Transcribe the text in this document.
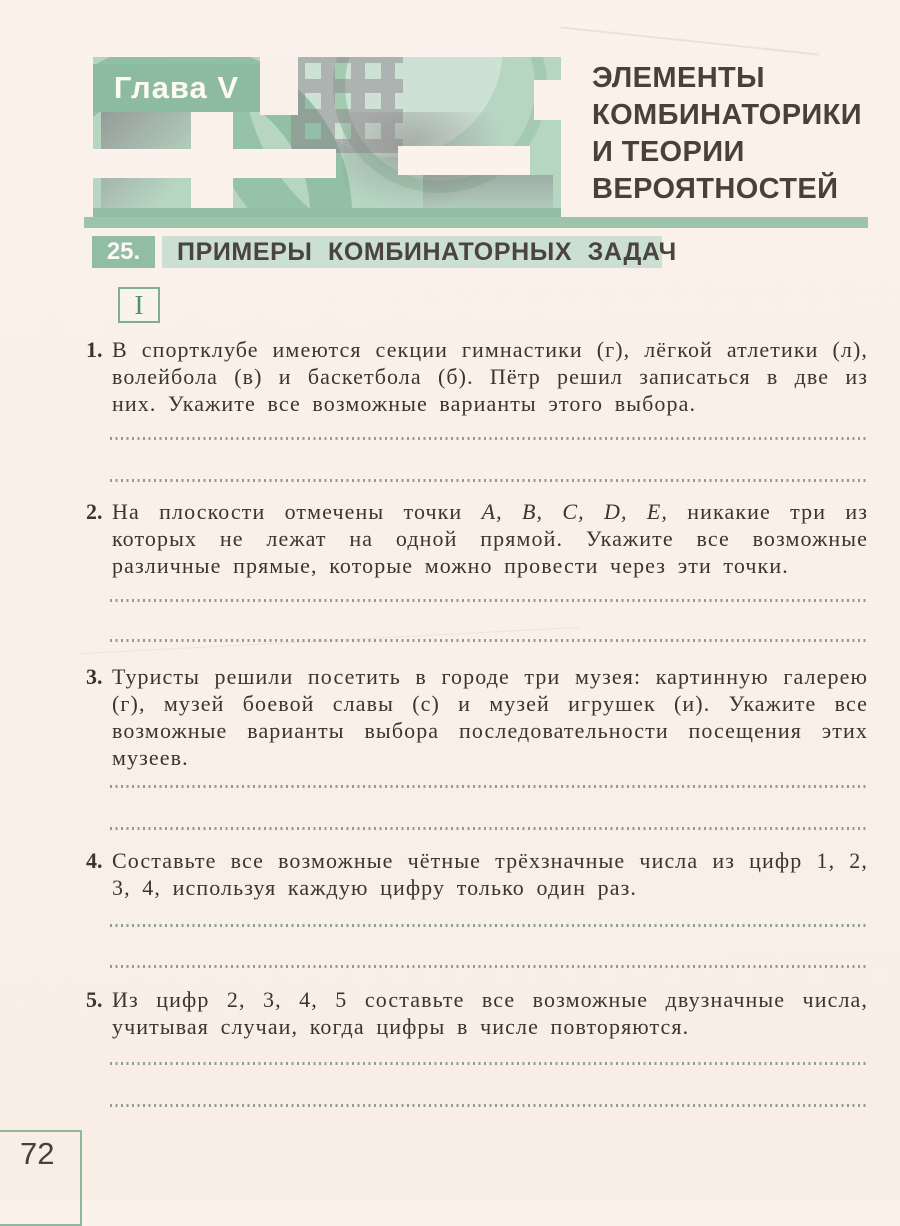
Глава V	ЭЛЕМЕНТЫ
КОМБИНАТОРИКИ
И ТЕОРИИ
ВЕРОЯТНОСТЕЙ
25.	ПРИМЕРЫ КОМБИНАТОРНЫХ ЗАДАЧ
I
1. В спортклубе имеются секции гимнастики (г), лёгкой атлетики (л), волейбола (в) и баскетбола (б). Пётр решил записаться в две из них. Укажите все возможные варианты этого выбора.
2. На плоскости отмечены точки A, B, C, D, E, никакие три из которых не лежат на одной прямой. Укажите все возможные различные прямые, которые можно провести через эти точки.
3. Туристы решили посетить в городе три музея: картинную галерею (г), музей боевой славы (с) и музей игрушек (и). Укажите все возможные варианты выбора последовательности посещения этих музеев.
4. Составьте все возможные чётные трёхзначные числа из цифр 1, 2, 3, 4, используя каждую цифру только один раз.
5. Из цифр 2, 3, 4, 5 составьте все возможные двузначные числа, учитывая случаи, когда цифры в числе повторяются.
72
